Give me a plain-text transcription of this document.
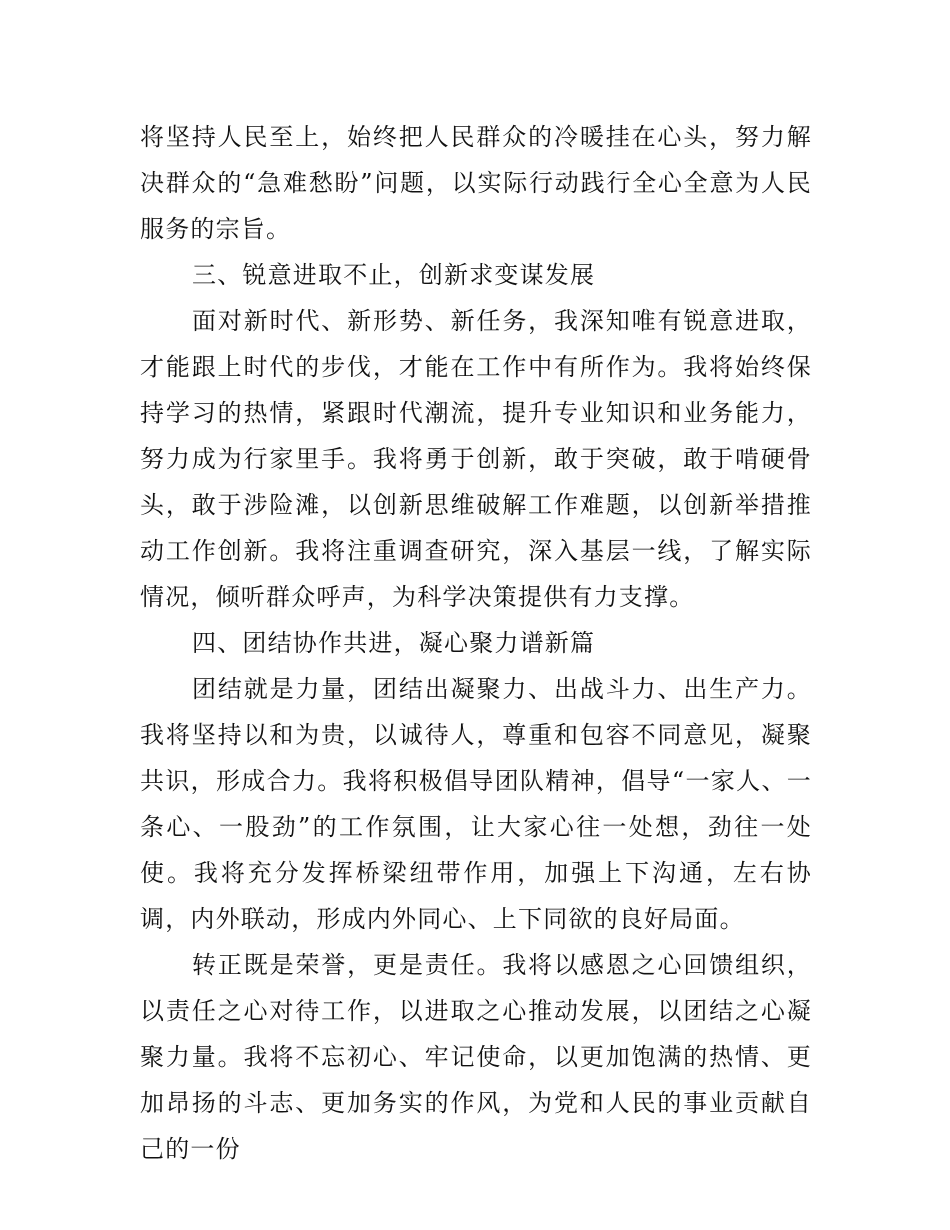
将坚持人民至上，始终把人民群众的冷暖挂在心头，努力解决群众的“急难愁盼”问题，以实际行动践行全心全意为人民服务的宗旨。

三、锐意进取不止，创新求变谋发展

面对新时代、新形势、新任务，我深知唯有锐意进取，才能跟上时代的步伐，才能在工作中有所作为。我将始终保持学习的热情，紧跟时代潮流，提升专业知识和业务能力，努力成为行家里手。我将勇于创新，敢于突破，敢于啃硬骨头，敢于涉险滩，以创新思维破解工作难题，以创新举措推动工作创新。我将注重调查研究，深入基层一线，了解实际情况，倾听群众呼声，为科学决策提供有力支撑。

四、团结协作共进，凝心聚力谱新篇

团结就是力量，团结出凝聚力、出战斗力、出生产力。我将坚持以和为贵，以诚待人，尊重和包容不同意见，凝聚共识，形成合力。我将积极倡导团队精神，倡导“一家人、一条心、一股劲”的工作氛围，让大家心往一处想，劲往一处使。我将充分发挥桥梁纽带作用，加强上下沟通，左右协调，内外联动，形成内外同心、上下同欲的良好局面。

转正既是荣誉，更是责任。我将以感恩之心回馈组织，以责任之心对待工作，以进取之心推动发展，以团结之心凝聚力量。我将不忘初心、牢记使命，以更加饱满的热情、更加昂扬的斗志、更加务实的作风，为党和人民的事业贡献自己的一份
